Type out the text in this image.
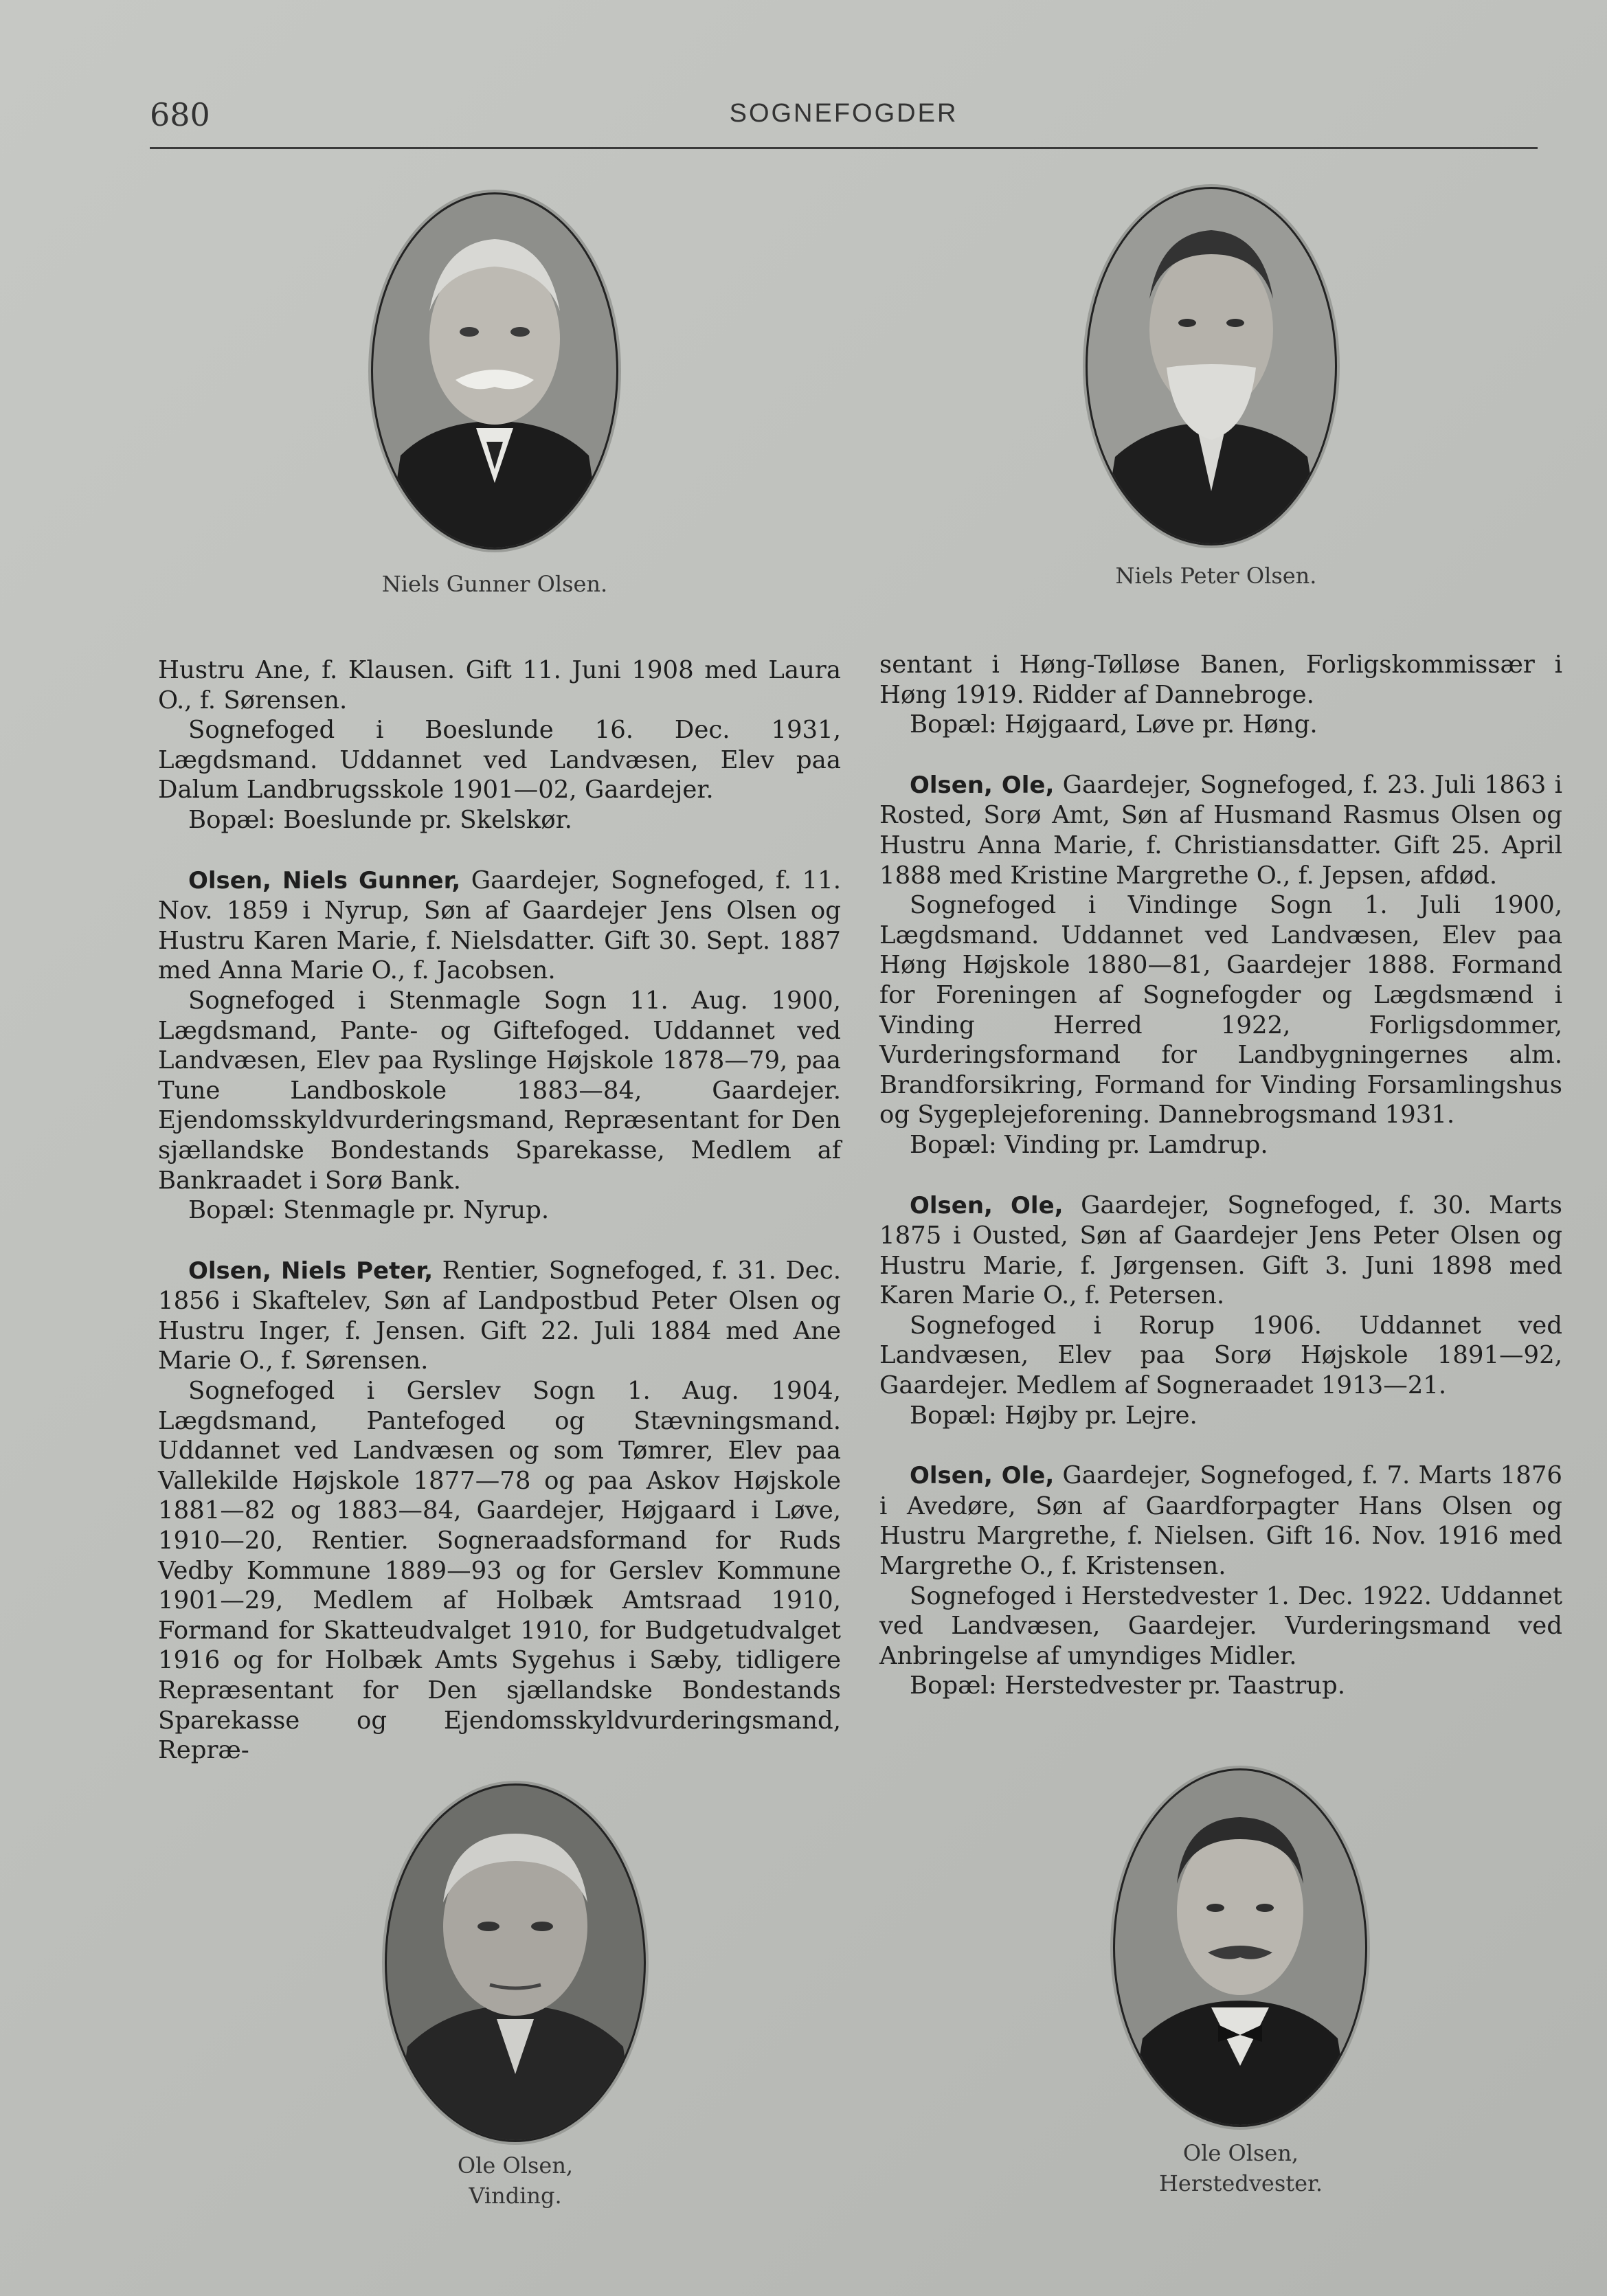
680	SOGNEFOGDER
Niels Gunner Olsen.	Niels Peter Olsen.

Hustru Ane, f. Klausen. Gift 11. Juni 1908 med Laura O., f. Sørensen.

Sognefoged i Boeslunde 16. Dec. 1931, Lægdsmand. Uddannet ved Landvæsen, Elev paa Dalum Landbrugsskole 1901—02, Gaardejer.

Bopæl: Boeslunde pr. Skelskør.

Olsen, Niels Gunner, Gaardejer, Sognefoged, f. 11. Nov. 1859 i Nyrup, Søn af Gaardejer Jens Olsen og Hustru Karen Marie, f. Nielsdatter. Gift 30. Sept. 1887 med Anna Marie O., f. Jacobsen.

Sognefoged i Stenmagle Sogn 11. Aug. 1900, Lægdsmand, Pante- og Giftefoged. Uddannet ved Landvæsen, Elev paa Ryslinge Højskole 1878—79, paa Tune Landboskole 1883—84, Gaardejer. Ejendomsskyldvurderingsmand, Repræsentant for Den sjællandske Bondestands Sparekasse, Medlem af Bankraadet i Sorø Bank.

Bopæl: Stenmagle pr. Nyrup.

Olsen, Niels Peter, Rentier, Sognefoged, f. 31. Dec. 1856 i Skaftelev, Søn af Landpostbud Peter Olsen og Hustru Inger, f. Jensen. Gift 22. Juli 1884 med Ane Marie O., f. Sørensen.

Sognefoged i Gerslev Sogn 1. Aug. 1904, Lægdsmand, Pantefoged og Stævningsmand. Uddannet ved Landvæsen og som Tømrer, Elev paa Vallekilde Højskole 1877—78 og paa Askov Højskole 1881—82 og 1883—84, Gaardejer, Højgaard i Løve, 1910—20, Rentier. Sogneraadsformand for Ruds Vedby Kommune 1889—93 og for Gerslev Kommune 1901—29, Medlem af Holbæk Amtsraad 1910, Formand for Skatteudvalget 1910, for Budgetudvalget 1916 og for Holbæk Amts Sygehus i Sæby, tidligere Repræsentant for Den sjællandske Bondestands Sparekasse og Ejendomsskyldvurderingsmand, Repræ-

sentant i Høng-Tølløse Banen, Forligskommissær i Høng 1919. Ridder af Dannebroge.

Bopæl: Højgaard, Løve pr. Høng.

Olsen, Ole, Gaardejer, Sognefoged, f. 23. Juli 1863 i Rosted, Sorø Amt, Søn af Husmand Rasmus Olsen og Hustru Anna Marie, f. Christiansdatter. Gift 25. April 1888 med Kristine Margrethe O., f. Jepsen, afdød.

Sognefoged i Vindinge Sogn 1. Juli 1900, Lægdsmand. Uddannet ved Landvæsen, Elev paa Høng Højskole 1880—81, Gaardejer 1888. Formand for Foreningen af Sognefogder og Lægdsmænd i Vinding Herred 1922, Forligsdommer, Vurderingsformand for Landbygningernes alm. Brandforsikring, Formand for Vinding Forsamlingshus og Sygeplejeforening. Dannebrogsmand 1931.

Bopæl: Vinding pr. Lamdrup.

Olsen, Ole, Gaardejer, Sognefoged, f. 30. Marts 1875 i Ousted, Søn af Gaardejer Jens Peter Olsen og Hustru Marie, f. Jørgensen. Gift 3. Juni 1898 med Karen Marie O., f. Petersen.

Sognefoged i Rorup 1906. Uddannet ved Landvæsen, Elev paa Sorø Højskole 1891—92, Gaardejer. Medlem af Sogneraadet 1913—21.

Bopæl: Højby pr. Lejre.

Olsen, Ole, Gaardejer, Sognefoged, f. 7. Marts 1876 i Avedøre, Søn af Gaardforpagter Hans Olsen og Hustru Margrethe, f. Nielsen. Gift 16. Nov. 1916 med Margrethe O., f. Kristensen.

Sognefoged i Herstedvester 1. Dec. 1922. Uddannet ved Landvæsen, Gaardejer. Vurderingsmand ved Anbringelse af umyndiges Midler.

Bopæl: Herstedvester pr. Taastrup.

Ole Olsen,
Vinding.
Ole Olsen,
Herstedvester.
